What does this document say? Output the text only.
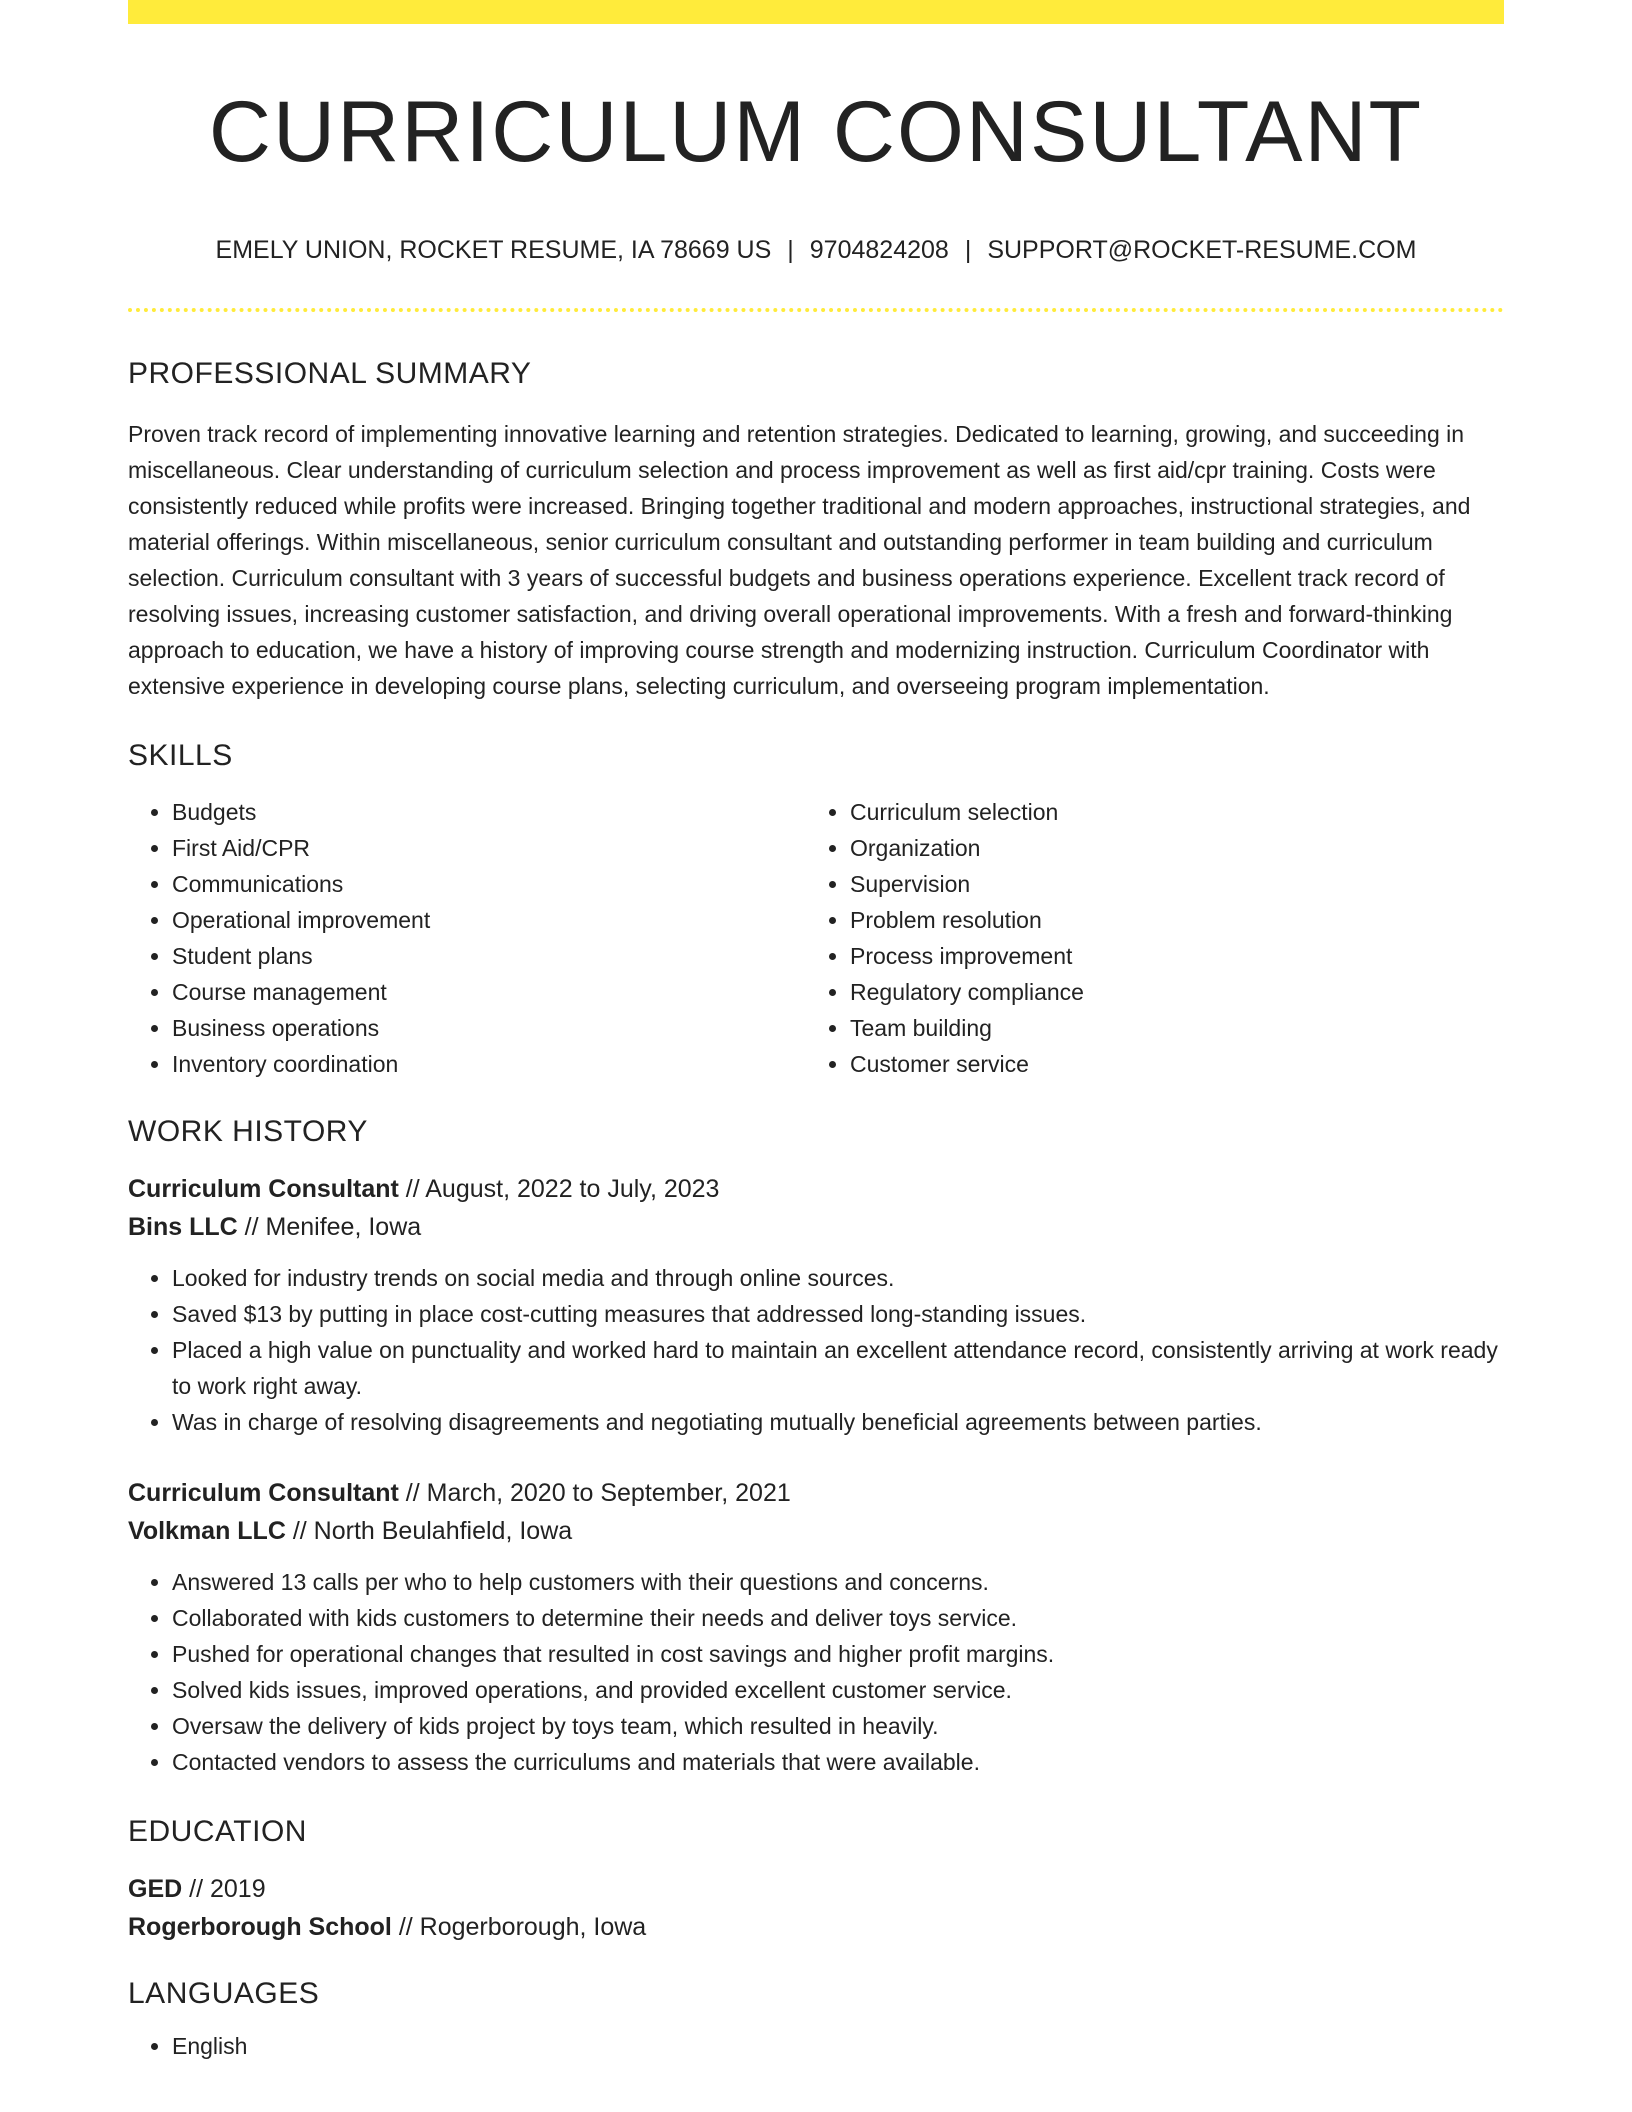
CURRICULUM CONSULTANT
EMELY UNION, ROCKET RESUME, IA 78669 US | 9704824208 | SUPPORT@ROCKET-RESUME.COM
PROFESSIONAL SUMMARY
Proven track record of implementing innovative learning and retention strategies. Dedicated to learning, growing, and succeeding in miscellaneous. Clear understanding of curriculum selection and process improvement as well as first aid/cpr training. Costs were consistently reduced while profits were increased. Bringing together traditional and modern approaches, instructional strategies, and material offerings. Within miscellaneous, senior curriculum consultant and outstanding performer in team building and curriculum selection. Curriculum consultant with 3 years of successful budgets and business operations experience. Excellent track record of resolving issues, increasing customer satisfaction, and driving overall operational improvements. With a fresh and forward-thinking approach to education, we have a history of improving course strength and modernizing instruction. Curriculum Coordinator with extensive experience in developing course plans, selecting curriculum, and overseeing program implementation.
SKILLS
• Budgets
• First Aid/CPR
• Communications
• Operational improvement
• Student plans
• Course management
• Business operations
• Inventory coordination
• Curriculum selection
• Organization
• Supervision
• Problem resolution
• Process improvement
• Regulatory compliance
• Team building
• Customer service
WORK HISTORY
Curriculum Consultant // August, 2022 to July, 2023
Bins LLC // Menifee, Iowa
• Looked for industry trends on social media and through online sources.
• Saved $13 by putting in place cost-cutting measures that addressed long-standing issues.
• Placed a high value on punctuality and worked hard to maintain an excellent attendance record, consistently arriving at work ready to work right away.
• Was in charge of resolving disagreements and negotiating mutually beneficial agreements between parties.
Curriculum Consultant // March, 2020 to September, 2021
Volkman LLC // North Beulahfield, Iowa
• Answered 13 calls per who to help customers with their questions and concerns.
• Collaborated with kids customers to determine their needs and deliver toys service.
• Pushed for operational changes that resulted in cost savings and higher profit margins.
• Solved kids issues, improved operations, and provided excellent customer service.
• Oversaw the delivery of kids project by toys team, which resulted in heavily.
• Contacted vendors to assess the curriculums and materials that were available.
EDUCATION
GED // 2019
Rogerborough School // Rogerborough, Iowa
LANGUAGES
• English
